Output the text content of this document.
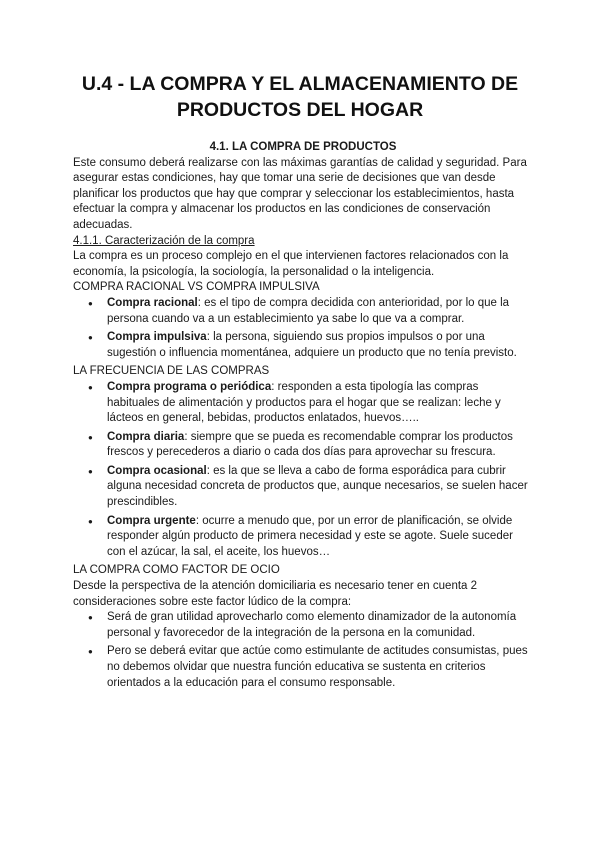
U.4 - LA COMPRA Y EL ALMACENAMIENTO DE PRODUCTOS DEL HOGAR

4.1. LA COMPRA DE PRODUCTOS

Este consumo deberá realizarse con las máximas garantías de calidad y seguridad. Para asegurar estas condiciones, hay que tomar una serie de decisiones que van desde planificar los productos que hay que comprar y seleccionar los establecimientos, hasta efectuar la compra y almacenar los productos en las condiciones de conservación adecuadas.

4.1.1. Caracterización de la compra

La compra es un proceso complejo en el que intervienen factores relacionados con la economía, la psicología, la sociología, la personalidad o la inteligencia.

COMPRA RACIONAL VS COMPRA IMPULSIVA

● Compra racional: es el tipo de compra decidida con anterioridad, por lo que la persona cuando va a un establecimiento ya sabe lo que va a comprar.
● Compra impulsiva: la persona, siguiendo sus propios impulsos o por una sugestión o influencia momentánea, adquiere un producto que no tenía previsto.

LA FRECUENCIA DE LAS COMPRAS

● Compra programa o periódica: responden a esta tipología las compras habituales de alimentación y productos para el hogar que se realizan: leche y lácteos en general, bebidas, productos enlatados, huevos…..
● Compra diaria: siempre que se pueda es recomendable comprar los productos frescos y perecederos a diario o cada dos días para aprovechar su frescura.
● Compra ocasional: es la que se lleva a cabo de forma esporádica para cubrir alguna necesidad concreta de productos que, aunque necesarios, se suelen hacer prescindibles.
● Compra urgente: ocurre a menudo que, por un error de planificación, se olvide responder algún producto de primera necesidad y este se agote. Suele suceder con el azúcar, la sal, el aceite, los huevos…

LA COMPRA COMO FACTOR DE OCIO

Desde la perspectiva de la atención domiciliaria es necesario tener en cuenta 2 consideraciones sobre este factor lúdico de la compra:

● Será de gran utilidad aprovecharlo como elemento dinamizador de la autonomía personal y favorecedor de la integración de la persona en la comunidad.
● Pero se deberá evitar que actúe como estimulante de actitudes consumistas, pues no debemos olvidar que nuestra función educativa se sustenta en criterios orientados a la educación para el consumo responsable.
